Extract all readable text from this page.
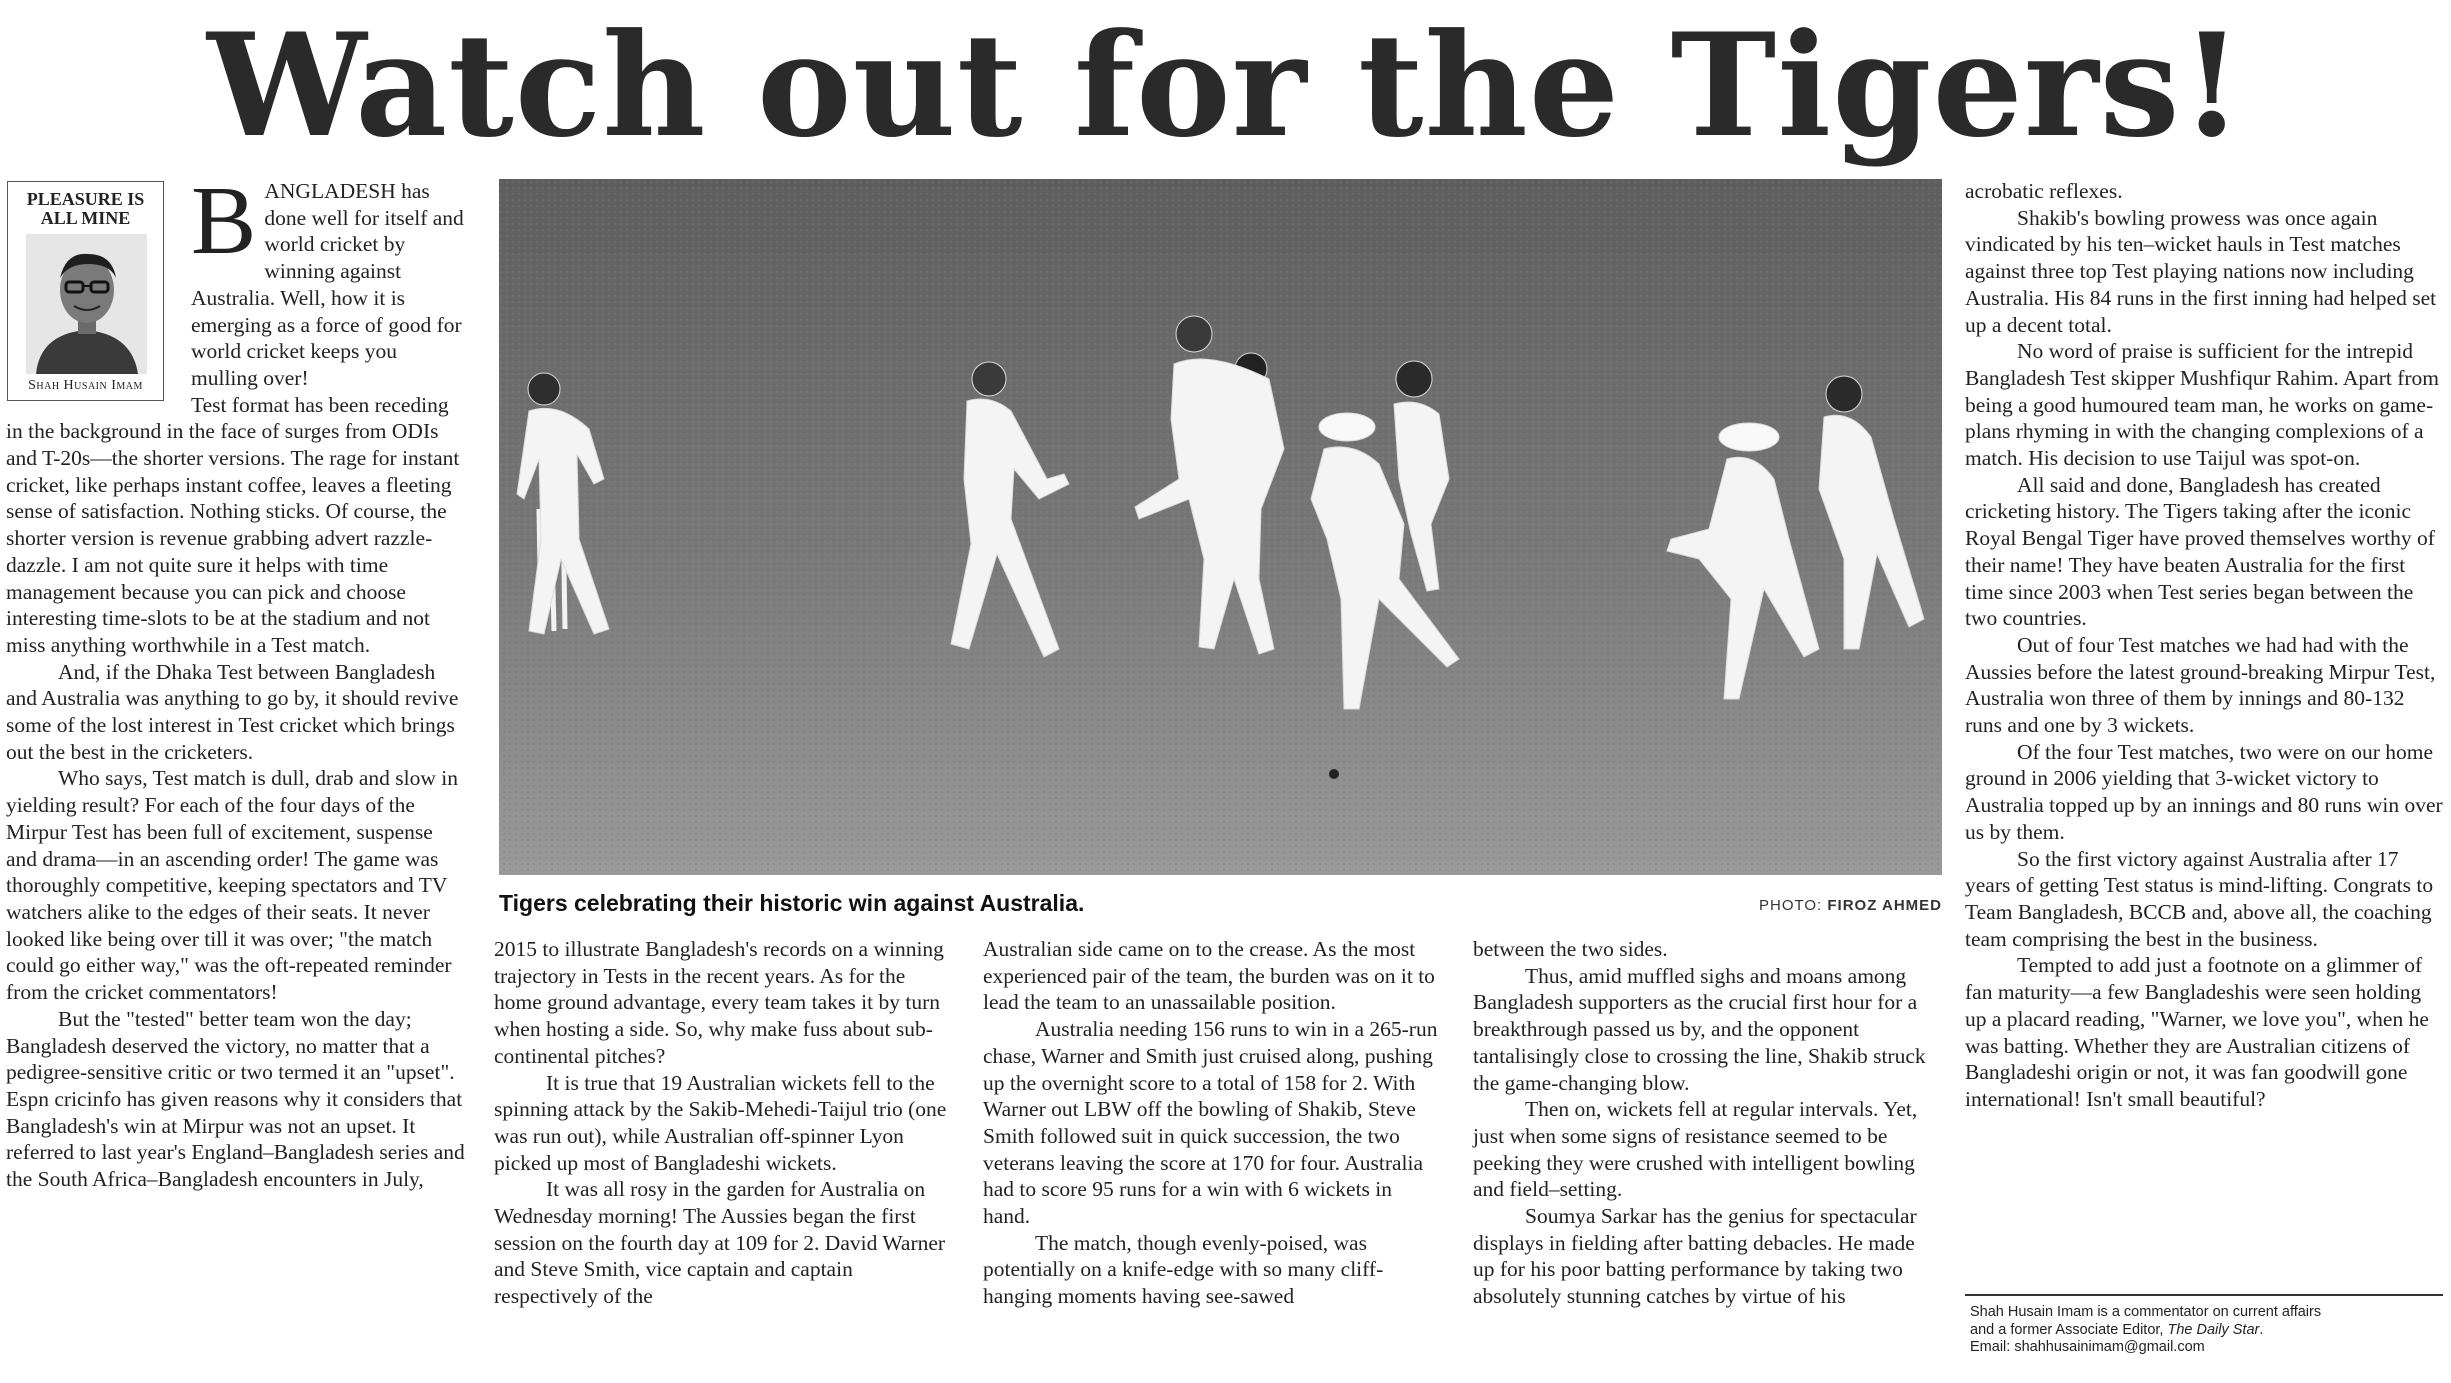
Watch out for the Tigers!
PLEASURE IS
ALL MINE
Shah Husain Imam
BANGLADESH has done well for itself and world cricket by winning against Australia. Well, how it is emerging as a force of good for world cricket keeps you mulling over!

Test format has been receding in the background in the face of surges from ODIs and T-20s—the shorter versions. The rage for instant cricket, like perhaps instant coffee, leaves a fleeting sense of satisfaction. Nothing sticks. Of course, the shorter version is revenue grabbing advert razzle-dazzle. I am not quite sure it helps with time management because you can pick and choose interesting time-slots to be at the stadium and not miss anything worthwhile in a Test match.

And, if the Dhaka Test between Bangladesh and Australia was anything to go by, it should revive some of the lost interest in Test cricket which brings out the best in the cricketers.

Who says, Test match is dull, drab and slow in yielding result? For each of the four days of the Mirpur Test has been full of excitement, suspense and drama—in an ascending order! The game was thoroughly competitive, keeping spectators and TV watchers alike to the edges of their seats. It never looked like being over till it was over; "the match could go either way," was the oft-repeated reminder from the cricket commentators!

But the "tested" better team won the day; Bangladesh deserved the victory, no matter that a pedigree-sensitive critic or two termed it an "upset". Espn cricinfo has given reasons why it considers that Bangladesh's win at Mirpur was not an upset. It referred to last year's England–Bangladesh series and the South Africa–Bangladesh encounters in July,

Tigers celebrating their historic win against Australia.	PHOTO: FIROZ AHMED

2015 to illustrate Bangladesh's records on a winning trajectory in Tests in the recent years. As for the home ground advantage, every team takes it by turn when hosting a side. So, why make fuss about sub-continental pitches?

It is true that 19 Australian wickets fell to the spinning attack by the Sakib-Mehedi-Taijul trio (one was run out), while Australian off-spinner Lyon picked up most of Bangladeshi wickets.

It was all rosy in the garden for Australia on Wednesday morning! The Aussies began the first session on the fourth day at 109 for 2. David Warner and Steve Smith, vice captain and captain respectively of the

Australian side came on to the crease. As the most experienced pair of the team, the burden was on it to lead the team to an unassailable position.

Australia needing 156 runs to win in a 265-run chase, Warner and Smith just cruised along, pushing up the overnight score to a total of 158 for 2. With Warner out LBW off the bowling of Shakib, Steve Smith followed suit in quick succession, the two veterans leaving the score at 170 for four. Australia had to score 95 runs for a win with 6 wickets in hand.

The match, though evenly-poised, was potentially on a knife-edge with so many cliff-hanging moments having see-sawed

between the two sides.

Thus, amid muffled sighs and moans among Bangladesh supporters as the crucial first hour for a breakthrough passed us by, and the opponent tantalisingly close to crossing the line, Shakib struck the game-changing blow.

Then on, wickets fell at regular intervals. Yet, just when some signs of resistance seemed to be peeking they were crushed with intelligent bowling and field–setting.

Soumya Sarkar has the genius for spectacular displays in fielding after batting debacles. He made up for his poor batting performance by taking two absolutely stunning catches by virtue of his

acrobatic reflexes.

Shakib's bowling prowess was once again vindicated by his ten–wicket hauls in Test matches against three top Test playing nations now including Australia. His 84 runs in the first inning had helped set up a decent total.

No word of praise is sufficient for the intrepid Bangladesh Test skipper Mushfiqur Rahim. Apart from being a good humoured team man, he works on game-plans rhyming in with the changing complexions of a match. His decision to use Taijul was spot-on.

All said and done, Bangladesh has created cricketing history. The Tigers taking after the iconic Royal Bengal Tiger have proved themselves worthy of their name! They have beaten Australia for the first time since 2003 when Test series began between the two countries.

Out of four Test matches we had had with the Aussies before the latest ground-breaking Mirpur Test, Australia won three of them by innings and 80-132 runs and one by 3 wickets.

Of the four Test matches, two were on our home ground in 2006 yielding that 3-wicket victory to Australia topped up by an innings and 80 runs win over us by them.

So the first victory against Australia after 17 years of getting Test status is mind-lifting. Congrats to Team Bangladesh, BCCB and, above all, the coaching team comprising the best in the business.

Tempted to add just a footnote on a glimmer of fan maturity—a few Bangladeshis were seen holding up a placard reading, "Warner, we love you", when he was batting. Whether they are Australian citizens of Bangladeshi origin or not, it was fan goodwill gone international! Isn't small beautiful?

Shah Husain Imam is a commentator on current affairs
and a former Associate Editor, The Daily Star.
Email: shahhusainimam@gmail.com
